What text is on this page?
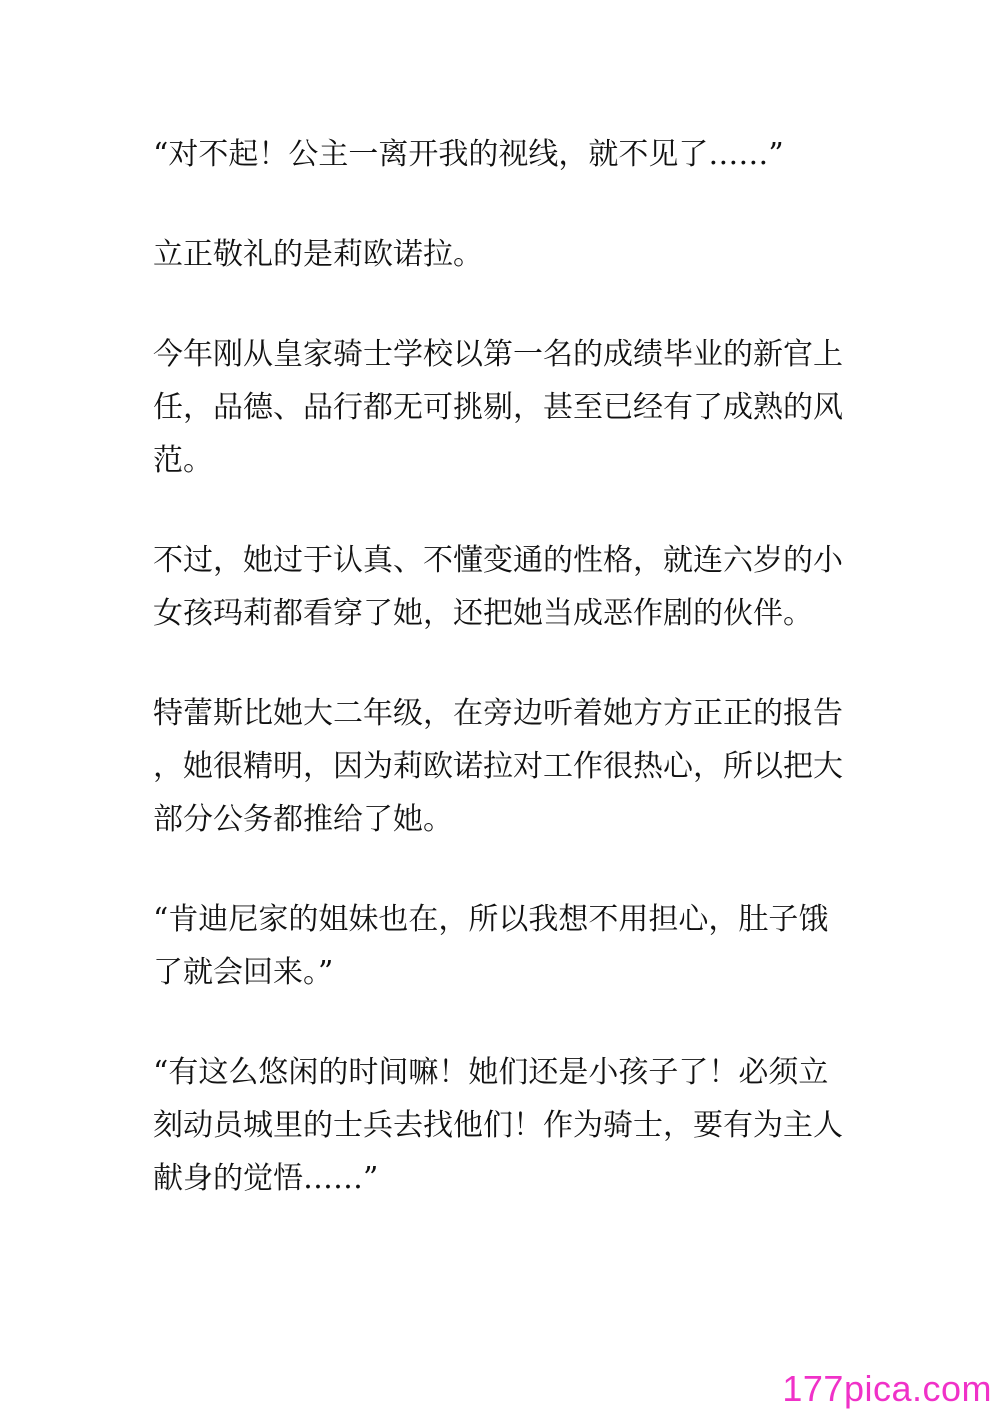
“对不起！公主一离开我的视线，就不见了……”

立正敬礼的是莉欧诺拉。

今年刚从皇家骑士学校以第一名的成绩毕业的新官上任，品德、品行都无可挑剔，甚至已经有了成熟的风范。

不过，她过于认真、不懂变通的性格，就连六岁的小女孩玛莉都看穿了她，还把她当成恶作剧的伙伴。

特蕾斯比她大二年级，在旁边听着她方方正正的报告，她很精明，因为莉欧诺拉对工作很热心，所以把大部分公务都推给了她。

“肯迪尼家的姐妹也在，所以我想不用担心，肚子饿了就会回来。”

“有这么悠闲的时间嘛！她们还是小孩子了！必须立刻动员城里的士兵去找他们！作为骑士，要有为主人献身的觉悟……”

177pica.com
